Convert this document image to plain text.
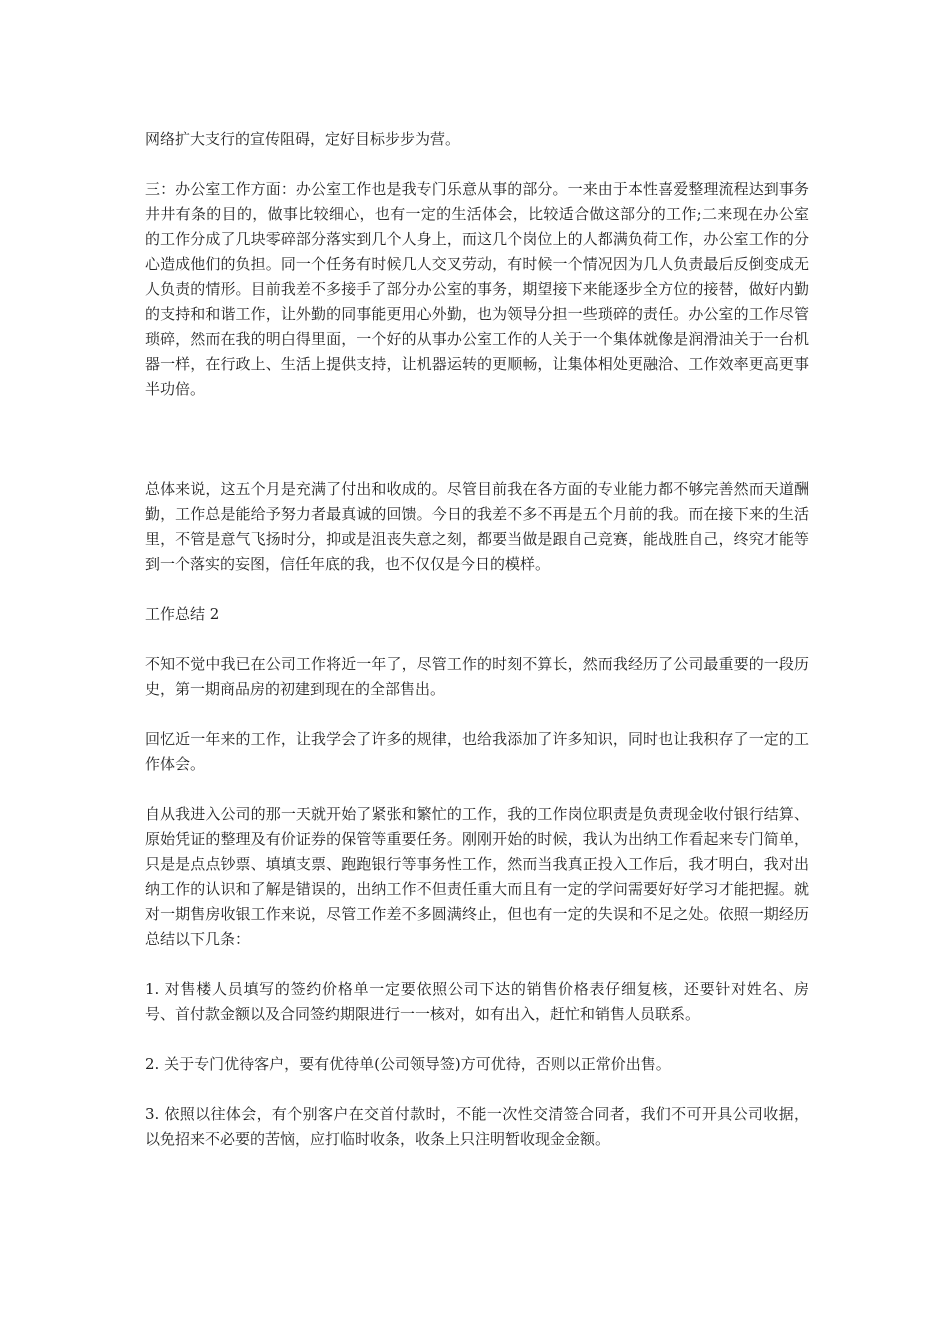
网络扩大支行的宣传阻碍，定好目标步步为营。

三：办公室工作方面：办公室工作也是我专门乐意从事的部分。一来由于本性喜爱整理流程达到事务井井有条的目的，做事比较细心，也有一定的生活体会，比较适合做这部分的工作;二来现在办公室的工作分成了几块零碎部分落实到几个人身上，而这几个岗位上的人都满负荷工作，办公室工作的分心造成他们的负担。同一个任务有时候几人交叉劳动，有时候一个情况因为几人负责最后反倒变成无人负责的情形。目前我差不多接手了部分办公室的事务，期望接下来能逐步全方位的接替，做好内勤的支持和和谐工作，让外勤的同事能更用心外勤，也为领导分担一些琐碎的责任。办公室的工作尽管琐碎，然而在我的明白得里面，一个好的从事办公室工作的人关于一个集体就像是润滑油关于一台机器一样，在行政上、生活上提供支持，让机器运转的更顺畅，让集体相处更融洽、工作效率更高更事半功倍。

总体来说，这五个月是充满了付出和收成的。尽管目前我在各方面的专业能力都不够完善然而天道酬勤，工作总是能给予努力者最真诚的回馈。今日的我差不多不再是五个月前的我。而在接下来的生活里，不管是意气飞扬时分，抑或是沮丧失意之刻，都要当做是跟自己竞赛，能战胜自己，终究才能等到一个落实的妄图，信任年底的我，也不仅仅是今日的模样。

工作总结 2

不知不觉中我已在公司工作将近一年了，尽管工作的时刻不算长，然而我经历了公司最重要的一段历史，第一期商品房的初建到现在的全部售出。

回忆近一年来的工作，让我学会了许多的规律，也给我添加了许多知识，同时也让我积存了一定的工作体会。

自从我进入公司的那一天就开始了紧张和繁忙的工作，我的工作岗位职责是负责现金收付银行结算、原始凭证的整理及有价证券的保管等重要任务。刚刚开始的时候，我认为出纳工作看起来专门简单，只是是点点钞票、填填支票、跑跑银行等事务性工作，然而当我真正投入工作后，我才明白，我对出纳工作的认识和了解是错误的，出纳工作不但责任重大而且有一定的学问需要好好学习才能把握。就对一期售房收银工作来说，尽管工作差不多圆满终止，但也有一定的失误和不足之处。依照一期经历总结以下几条：

1. 对售楼人员填写的签约价格单一定要依照公司下达的销售价格表仔细复核，还要针对姓名、房号、首付款金额以及合同签约期限进行一一核对，如有出入，赶忙和销售人员联系。

2. 关于专门优待客户，要有优待单(公司领导签)方可优待，否则以正常价出售。

3. 依照以往体会，有个别客户在交首付款时，不能一次性交清签合同者，我们不可开具公司收据，以免招来不必要的苦恼，应打临时收条，收条上只注明暂收现金金额。
